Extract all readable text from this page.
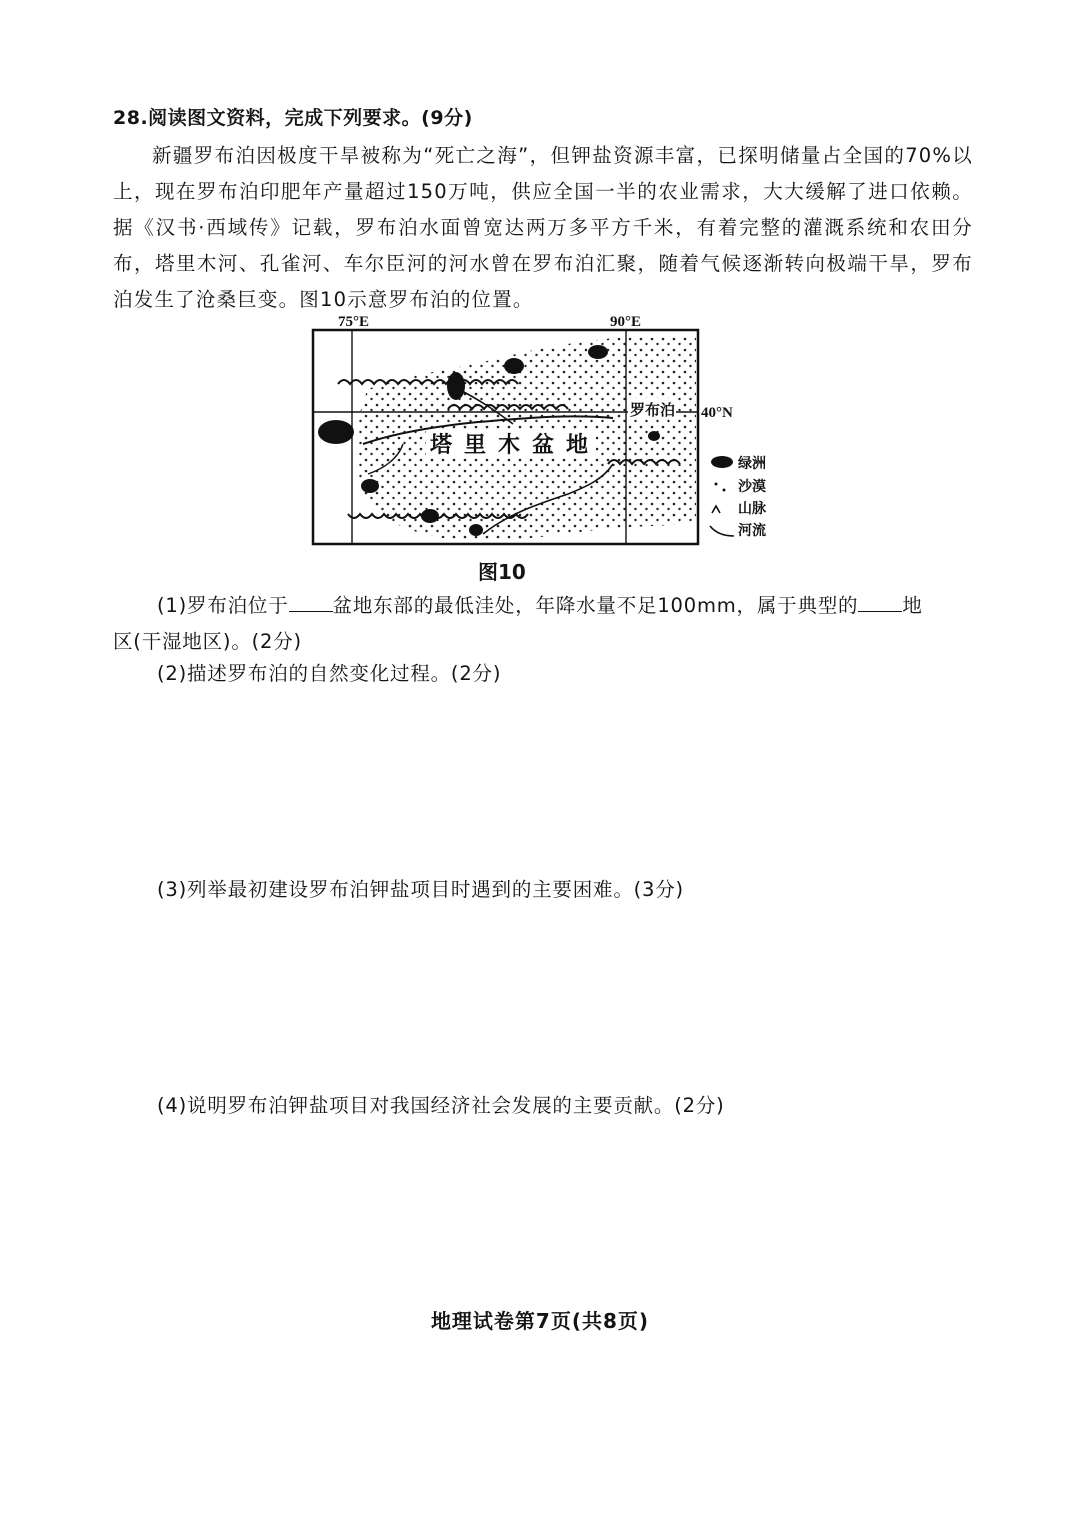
28.阅读图文资料，完成下列要求。(9分)

新疆罗布泊因极度干旱被称为“死亡之海”，但钾盐资源丰富，已探明储量占全国的70%以上，现在罗布泊印肥年产量超过150万吨，供应全国一半的农业需求，大大缓解了进口依赖。据《汉书·西域传》记载，罗布泊水面曾宽达两万多平方千米，有着完整的灌溉系统和农田分布，塔里木河、孔雀河、车尔臣河的河水曾在罗布泊汇聚，随着气候逐渐转向极端干旱，罗布泊发生了沧桑巨变。图10示意罗布泊的位置。

75°E	90°E
40°N
塔里木盆地
罗布泊
绿洲
沙漠
山脉
河流
图10
(1)罗布泊位于 盆地东部的最低洼处，年降水量不足100mm，属于典型的 地
区(干湿地区)。(2分)
(2)描述罗布泊的自然变化过程。(2分)
(3)列举最初建设罗布泊钾盐项目时遇到的主要困难。(3分)
(4)说明罗布泊钾盐项目对我国经济社会发展的主要贡献。(2分)
地理试卷第7页(共8页)
